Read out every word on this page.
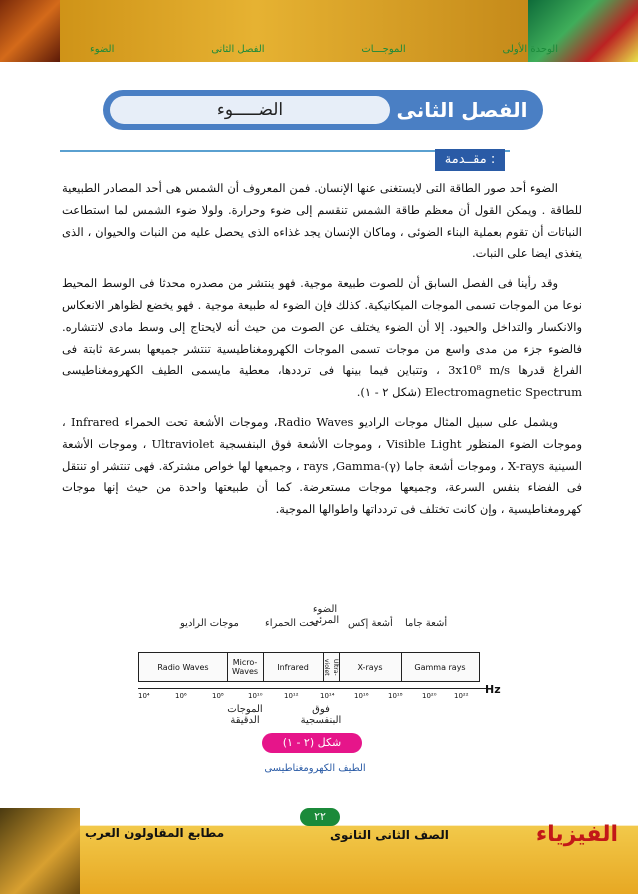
الوحدة الأولى
الموجـــات
الفصل الثانى
الضوء
الفصل الثانى
الضـــــوء
مقــدمة :

الضوء أحد صور الطاقة التى لايستغنى عنها الإنسان. فمن المعروف أن الشمس هى أحد المصادر الطبيعية للطاقة . ويمكن القول أن معظم طاقة الشمس تنقسم إلى ضوء وحرارة. ولولا ضوء الشمس لما استطاعت النباتات أن تقوم بعملية البناء الضوئى ، وماكان الإنسان يجد غذاءه الذى يحصل عليه من النبات والحيوان ، الذى يتغذى ايضا على النبات.

وقد رأينا فى الفصل السابق أن للصوت طبيعة موجية. فهو ينتشر من مصدره محدثا فى الوسط المحيط نوعا من الموجات تسمى الموجات الميكانيكية. كذلك فإن الضوء له طبيعة موجية . فهو يخضع لظواهر الانعكاس والانكسار والتداخل والحيود. إلا أن الضوء يختلف عن الصوت من حيث أنه لايحتاج إلى وسط مادى لانتشاره. فالضوء جزء من مدى واسع من موجات تسمى الموجات الكهرومغناطيسية تنتشر جميعها بسرعة ثابتة فى الفراغ قدرها 3x10⁸ m/s ، وتتباين فيما بينها فى ترددها، معطية مايسمى الطيف الكهرومغناطيسى Electromagnetic Spectrum (شكل ٢ - ١).

ويشمل على سبيل المثال موجات الراديو Radio Waves، وموجات الأشعة تحت الحمراء Infrared ، وموجات الضوء المنظور Visible Light ، وموجات الأشعة فوق البنفسجية Ultraviolet ، وموجات الأشعة السينية X-rays ، وموجات أشعة جاما (γ)-rays ,Gamma ، وجميعها لها خواص مشتركة. فهى تنتشر او تنتقل فى الفضاء بنفس السرعة، وجميعها موجات مستعرضة. كما أن طبيعتها واحدة من حيث إنها موجات كهرومغناطيسية ، وإن كانت تختلف فى تردداتها واطوالها الموجية.

موجات الراديو	تحت الحمراء
الضوء المرئى أشعة إكس أشعة جاما
Radio Waves	Micro-Waves	Infrared	Ultra-violet	X-rays	Gamma rays
10⁴	10⁶	10⁸	10¹⁰	10¹²	10¹⁴	10¹⁶	10¹⁸	10²⁰ 10²² Hz
الموجات الدقيقة
فوق البنفسجية
شكل (٢ - ١)
الطيف الكهرومغناطيسى
٢٢
الفيزياء
الصف الثانى الثانوى
مطابع المقاولون العرب
